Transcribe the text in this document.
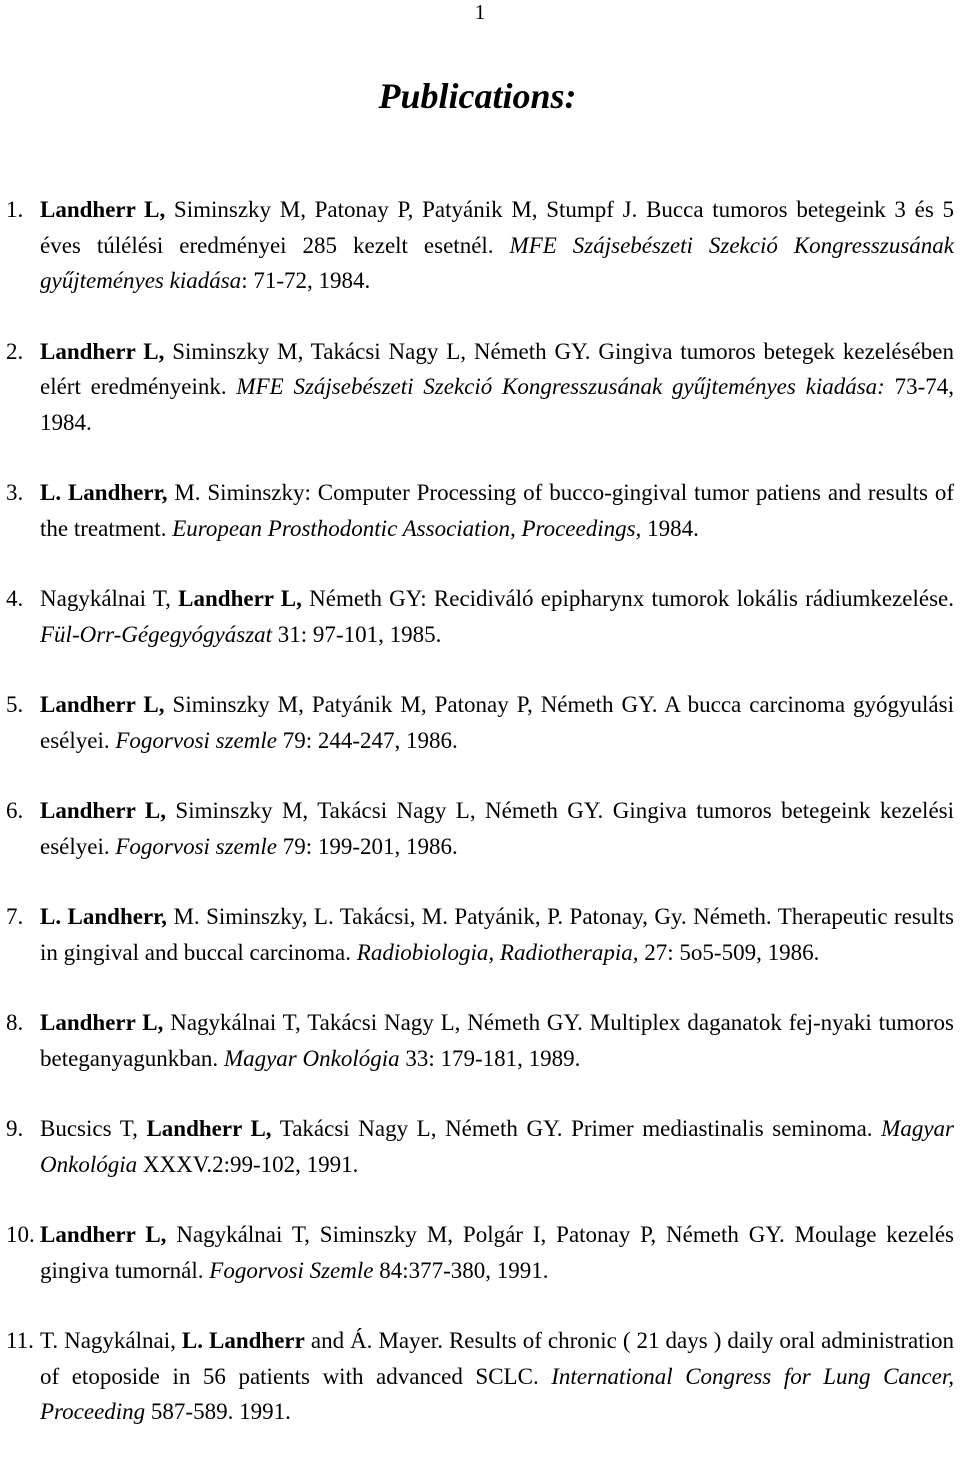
1
Publications:
1. Landherr L, Siminszky M, Patonay P, Patyánik M, Stumpf J. Bucca tumoros betegeink 3 és 5 éves túlélési eredményei 285 kezelt esetnél. MFE Szájsebészeti Szekció Kongresszusának gyűjteményes kiadása: 71-72, 1984.
2. Landherr L, Siminszky M, Takácsi Nagy L, Németh GY. Gingiva tumoros betegek kezelésében elért eredményeink. MFE Szájsebészeti Szekció Kongresszusának gyűjteményes kiadása: 73-74, 1984.
3. L. Landherr, M. Siminszky: Computer Processing of bucco-gingival tumor patiens and results of the treatment. European Prosthodontic Association, Proceedings, 1984.
4. Nagykálnai T, Landherr L, Németh GY: Recidiváló epipharynx tumorok lokális rádiumkezelése. Fül-Orr-Gégegyógyászat 31: 97-101, 1985.
5. Landherr L, Siminszky M, Patyánik M, Patonay P, Németh GY. A bucca carcinoma gyógyulási esélyei. Fogorvosi szemle 79: 244-247, 1986.
6. Landherr L, Siminszky M, Takácsi Nagy L, Németh GY. Gingiva tumoros betegeink kezelési esélyei. Fogorvosi szemle 79: 199-201, 1986.
7. L. Landherr, M. Siminszky, L. Takácsi, M. Patyánik, P. Patonay, Gy. Németh. Therapeutic results in gingival and buccal carcinoma. Radiobiologia, Radiotherapia, 27: 5o5-509, 1986.
8. Landherr L, Nagykálnai T, Takácsi Nagy L, Németh GY. Multiplex daganatok fej-nyaki tumoros beteganyagunkban. Magyar Onkológia 33: 179-181, 1989.
9. Bucsics T, Landherr L, Takácsi Nagy L, Németh GY. Primer mediastinalis seminoma. Magyar Onkológia XXXV.2:99-102, 1991.
10. Landherr L, Nagykálnai T, Siminszky M, Polgár I, Patonay P, Németh GY. Moulage kezelés gingiva tumornál. Fogorvosi Szemle 84:377-380, 1991.
11. T. Nagykálnai, L. Landherr and Á. Mayer. Results of chronic ( 21 days ) daily oral administration of etoposide in 56 patients with advanced SCLC. International Congress for Lung Cancer, Proceeding 587-589. 1991.
